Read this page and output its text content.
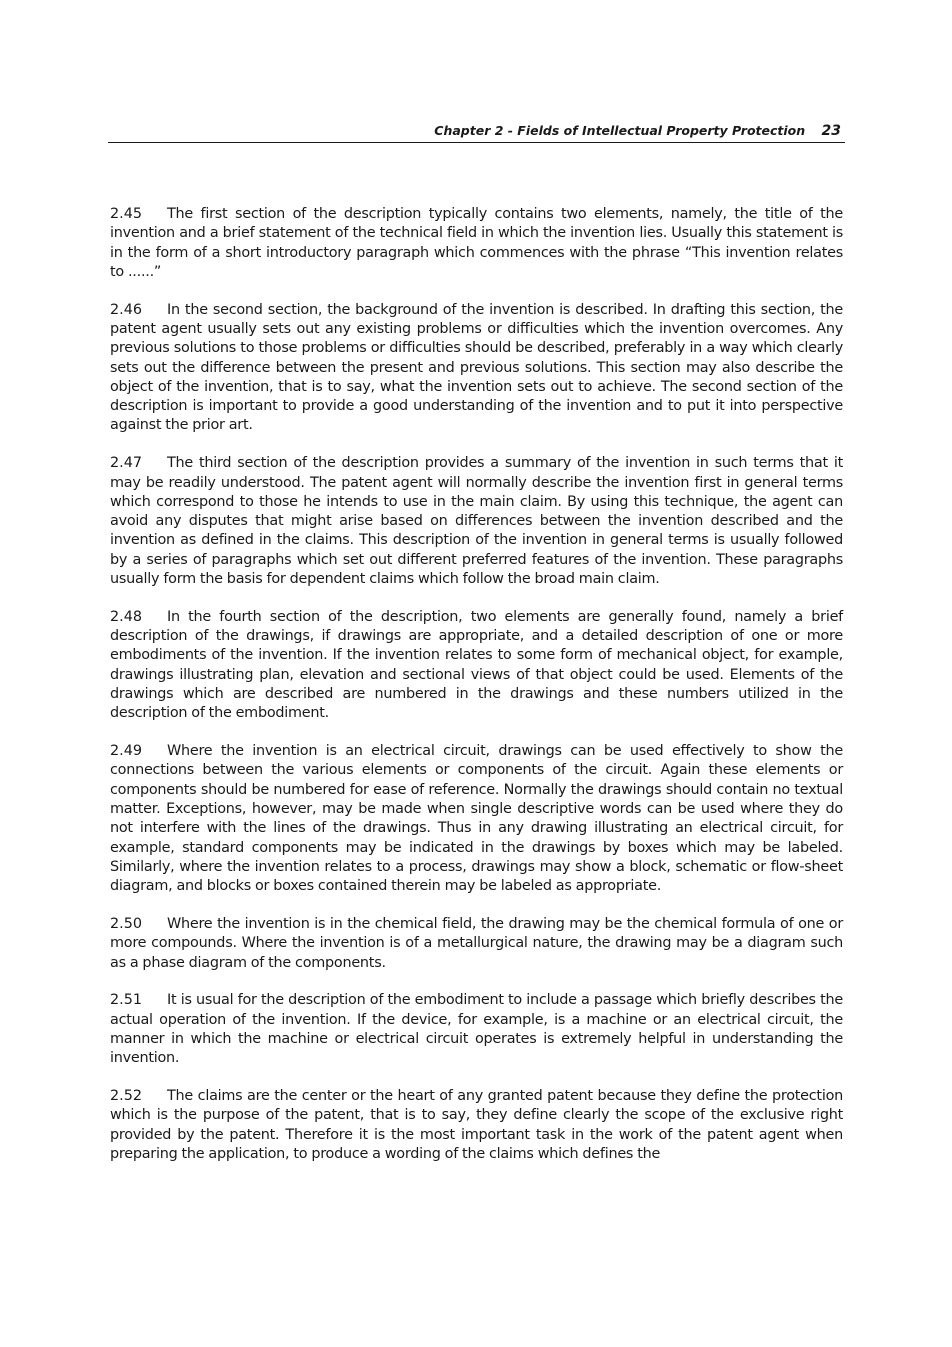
Chapter 2 - Fields of Intellectual Property Protection 23

2.45 The first section of the description typically contains two elements, namely, the title of the invention and a brief statement of the technical field in which the invention lies. Usually this statement is in the form of a short introductory paragraph which commences with the phrase “This invention relates to ......”

2.46 In the second section, the background of the invention is described. In drafting this section, the patent agent usually sets out any existing problems or difficulties which the invention overcomes. Any previous solutions to those problems or difficulties should be described, preferably in a way which clearly sets out the difference between the present and previous solutions. This section may also describe the object of the invention, that is to say, what the invention sets out to achieve. The second section of the description is important to provide a good understanding of the invention and to put it into perspective against the prior art.

2.47 The third section of the description provides a summary of the invention in such terms that it may be readily understood. The patent agent will normally describe the invention first in general terms which correspond to those he intends to use in the main claim. By using this technique, the agent can avoid any disputes that might arise based on differences between the invention described and the invention as defined in the claims. This description of the invention in general terms is usually followed by a series of paragraphs which set out different preferred features of the invention. These paragraphs usually form the basis for dependent claims which follow the broad main claim.

2.48 In the fourth section of the description, two elements are generally found, namely a brief description of the drawings, if drawings are appropriate, and a detailed description of one or more embodiments of the invention. If the invention relates to some form of mechanical object, for example, drawings illustrating plan, elevation and sectional views of that object could be used. Elements of the drawings which are described are numbered in the drawings and these numbers utilized in the description of the embodiment.

2.49 Where the invention is an electrical circuit, drawings can be used effectively to show the connections between the various elements or components of the circuit. Again these elements or components should be numbered for ease of reference. Normally the drawings should contain no textual matter. Exceptions, however, may be made when single descriptive words can be used where they do not interfere with the lines of the drawings. Thus in any drawing illustrating an electrical circuit, for example, standard components may be indicated in the drawings by boxes which may be labeled. Similarly, where the invention relates to a process, drawings may show a block, schematic or flow-sheet diagram, and blocks or boxes contained therein may be labeled as appropriate.

2.50 Where the invention is in the chemical field, the drawing may be the chemical formula of one or more compounds. Where the invention is of a metallurgical nature, the drawing may be a diagram such as a phase diagram of the components.

2.51 It is usual for the description of the embodiment to include a passage which briefly describes the actual operation of the invention. If the device, for example, is a machine or an electrical circuit, the manner in which the machine or electrical circuit operates is extremely helpful in understanding the invention.

2.52 The claims are the center or the heart of any granted patent because they define the protection which is the purpose of the patent, that is to say, they define clearly the scope of the exclusive right provided by the patent. Therefore it is the most important task in the work of the patent agent when preparing the application, to produce a wording of the claims which defines the
